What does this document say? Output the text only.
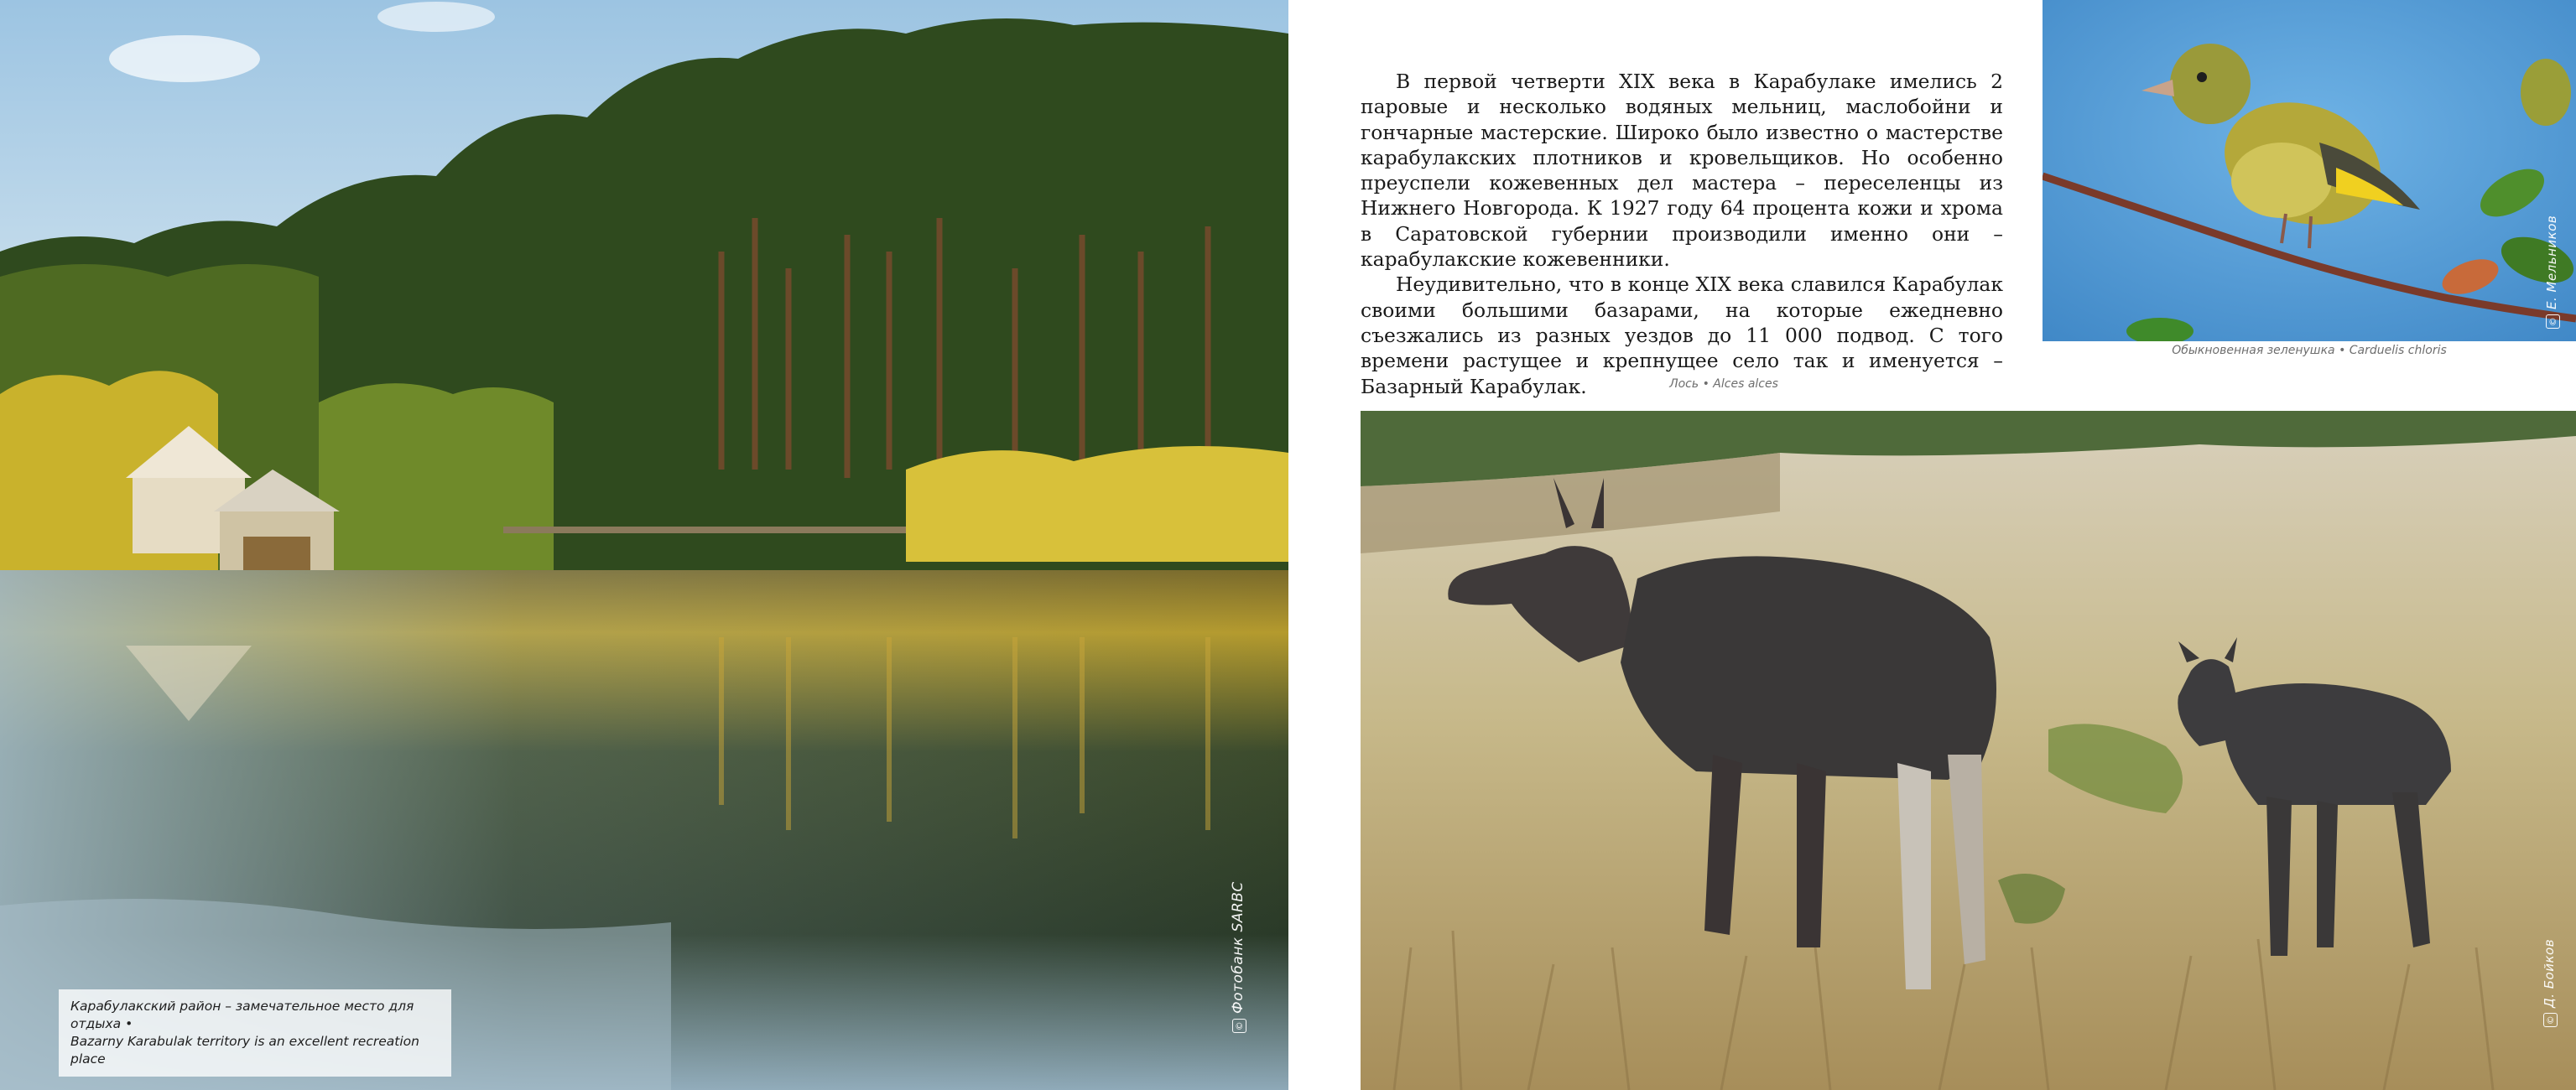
Карабулакский район – замечательное место для отдыха •
Bazarny Karabulak territory is an excellent recreation place
©Фотобанк SARBC

В первой четверти XIX века в Карабулаке имелись 2 паровые и несколько водяных мельниц, маслобойни и гончарные мастерские. Широко было известно о мастерстве карабулакских плотников и кровельщиков. Но особенно преуспели кожевенных дел мастера – переселенцы из Нижнего Новгорода. К 1927 году 64 процента кожи и хрома в Саратовской губернии производили именно они – карабулакские кожевенники.

Неудивительно, что в конце XIX века славился Карабулак своими большими базарами, на которые ежедневно съезжались из разных уездов до 11 000 подвод. С того времени растущее и крепнущее село так и именуется – Базарный Карабулак.

©Е. Мельников
Обыкновенная зеленушка • Carduelis chloris
Лось • Alces alces
©Д. Бойков
